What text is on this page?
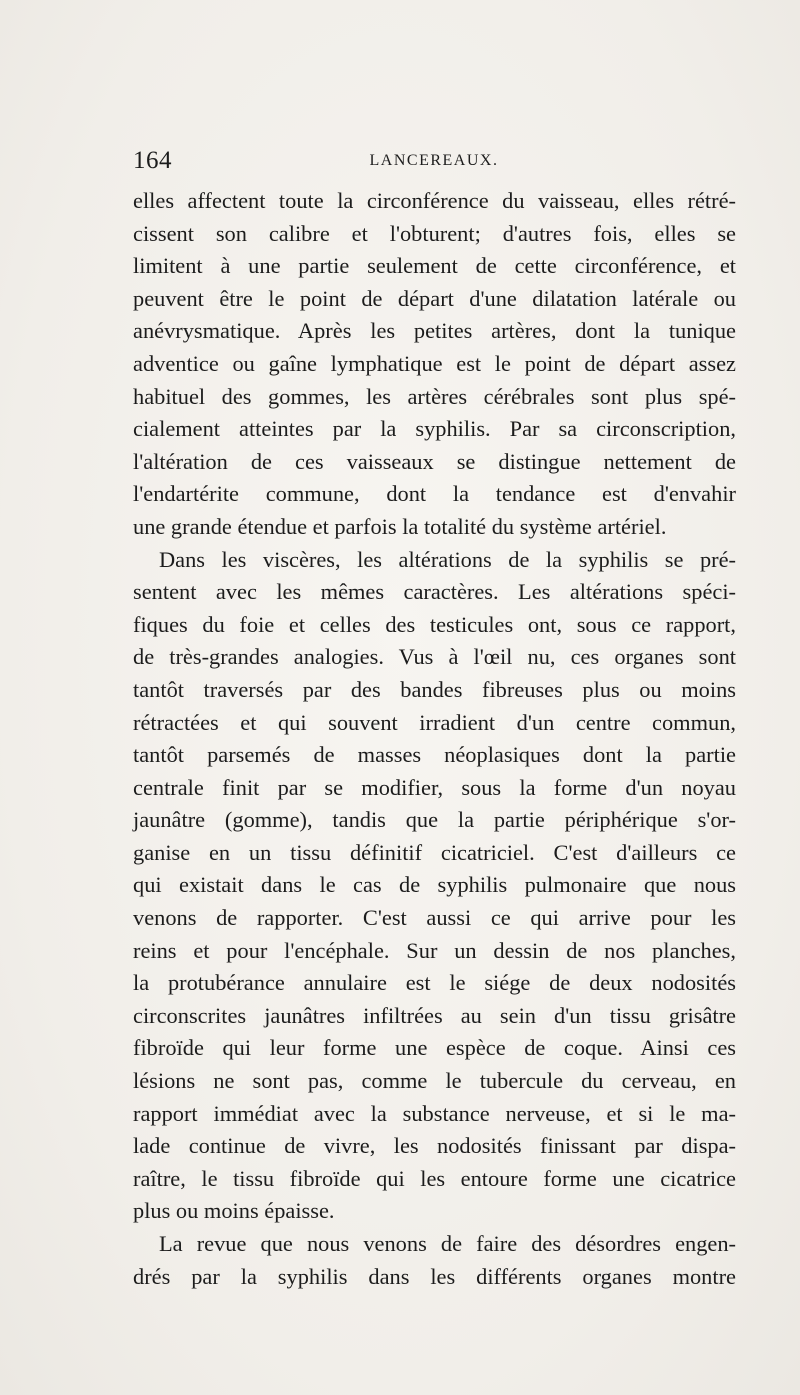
164	LANCEREAUX.
elles affectent toute la circonférence du vaisseau, elles rétré-
cissent son calibre et l'obturent; d'autres fois, elles se
limitent à une partie seulement de cette circonférence, et
peuvent être le point de départ d'une dilatation latérale ou
anévrysmatique. Après les petites artères, dont la tunique
adventice ou gaîne lymphatique est le point de départ assez
habituel des gommes, les artères cérébrales sont plus spé-
cialement atteintes par la syphilis. Par sa circonscription,
l'altération de ces vaisseaux se distingue nettement de
l'endartérite commune, dont la tendance est d'envahir
une grande étendue et parfois la totalité du système artériel.
Dans les viscères, les altérations de la syphilis se pré-
sentent avec les mêmes caractères. Les altérations spéci-
fiques du foie et celles des testicules ont, sous ce rapport,
de très-grandes analogies. Vus à l'œil nu, ces organes sont
tantôt traversés par des bandes fibreuses plus ou moins
rétractées et qui souvent irradient d'un centre commun,
tantôt parsemés de masses néoplasiques dont la partie
centrale finit par se modifier, sous la forme d'un noyau
jaunâtre (gomme), tandis que la partie périphérique s'or-
ganise en un tissu définitif cicatriciel. C'est d'ailleurs ce
qui existait dans le cas de syphilis pulmonaire que nous
venons de rapporter. C'est aussi ce qui arrive pour les
reins et pour l'encéphale. Sur un dessin de nos planches,
la protubérance annulaire est le siége de deux nodosités
circonscrites jaunâtres infiltrées au sein d'un tissu grisâtre
fibroïde qui leur forme une espèce de coque. Ainsi ces
lésions ne sont pas, comme le tubercule du cerveau, en
rapport immédiat avec la substance nerveuse, et si le ma-
lade continue de vivre, les nodosités finissant par dispa-
raître, le tissu fibroïde qui les entoure forme une cicatrice
plus ou moins épaisse.
La revue que nous venons de faire des désordres engen-
drés par la syphilis dans les différents organes montre
